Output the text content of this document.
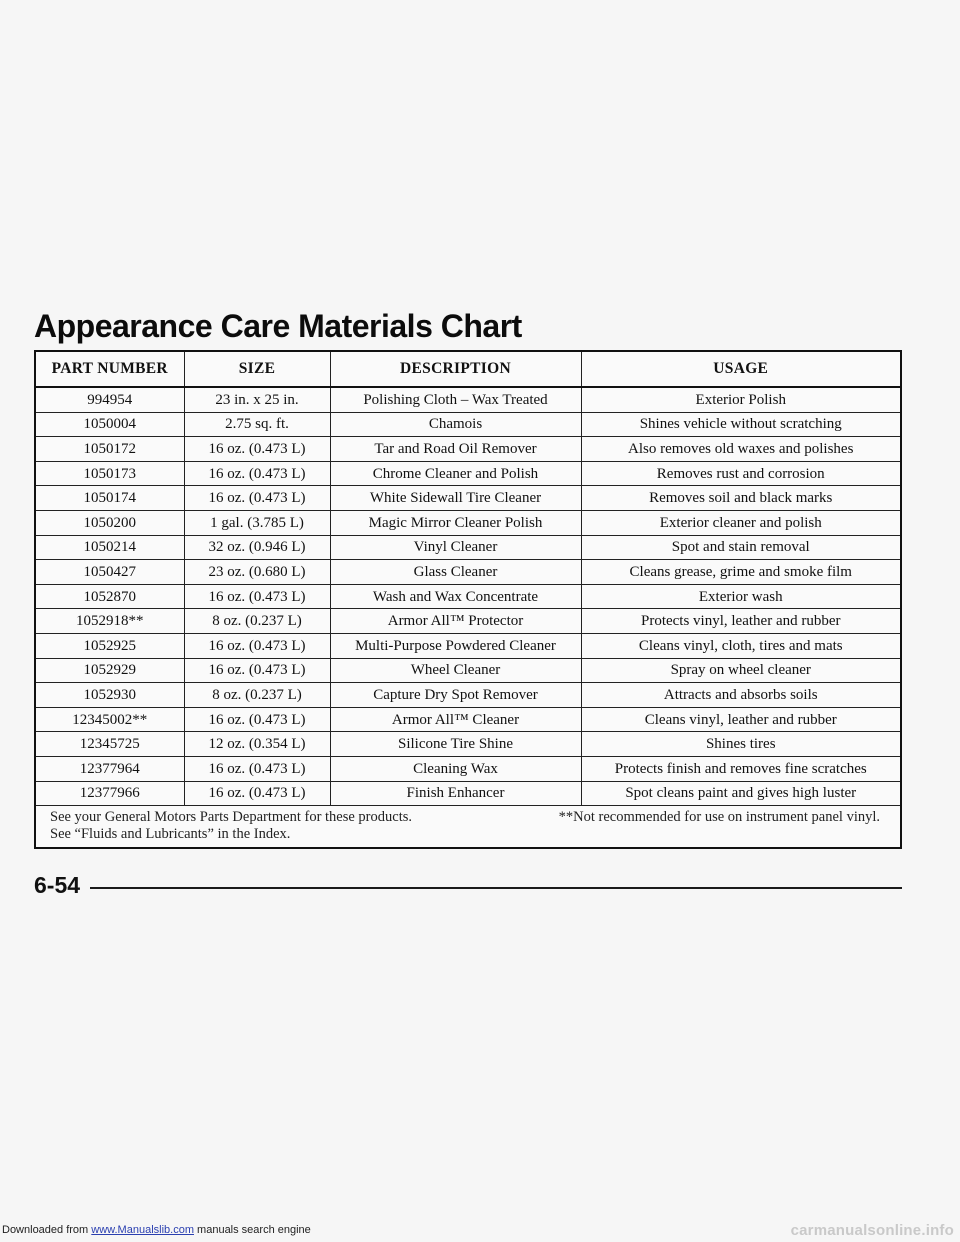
Appearance Care Materials Chart
PART NUMBER	SIZE	DESCRIPTION	USAGE
994954	23 in. x 25 in.	Polishing Cloth – Wax Treated	Exterior Polish
1050004	2.75 sq. ft.	Chamois	Shines vehicle without scratching
1050172	16 oz. (0.473 L)	Tar and Road Oil Remover	Also removes old waxes and polishes
1050173	16 oz. (0.473 L)	Chrome Cleaner and Polish	Removes rust and corrosion
1050174	16 oz. (0.473 L)	White Sidewall Tire Cleaner	Removes soil and black marks
1050200	1 gal. (3.785 L)	Magic Mirror Cleaner Polish	Exterior cleaner and polish
1050214	32 oz. (0.946 L)	Vinyl Cleaner	Spot and stain removal
1050427	23 oz. (0.680 L)	Glass Cleaner	Cleans grease, grime and smoke film
1052870	16 oz. (0.473 L)	Wash and Wax Concentrate	Exterior wash
1052918**	8 oz. (0.237 L)	Armor All™ Protector	Protects vinyl, leather and rubber
1052925	16 oz. (0.473 L)	Multi-Purpose Powdered Cleaner	Cleans vinyl, cloth, tires and mats
1052929	16 oz. (0.473 L)	Wheel Cleaner	Spray on wheel cleaner
1052930	8 oz. (0.237 L)	Capture Dry Spot Remover	Attracts and absorbs soils
12345002**	16 oz. (0.473 L)	Armor All™ Cleaner	Cleans vinyl, leather and rubber
12345725	12 oz. (0.354 L)	Silicone Tire Shine	Shines tires
12377964	16 oz. (0.473 L)	Cleaning Wax	Protects finish and removes fine scratches
12377966	16 oz. (0.473 L)	Finish Enhancer	Spot cleans paint and gives high luster
See your General Motors Parts Department for these products.	**Not recommended for use on instrument panel vinyl.
See “Fluids and Lubricants” in the Index.
6-54
Downloaded from www.Manualslib.com manuals search engine	carmanualsonline.info
